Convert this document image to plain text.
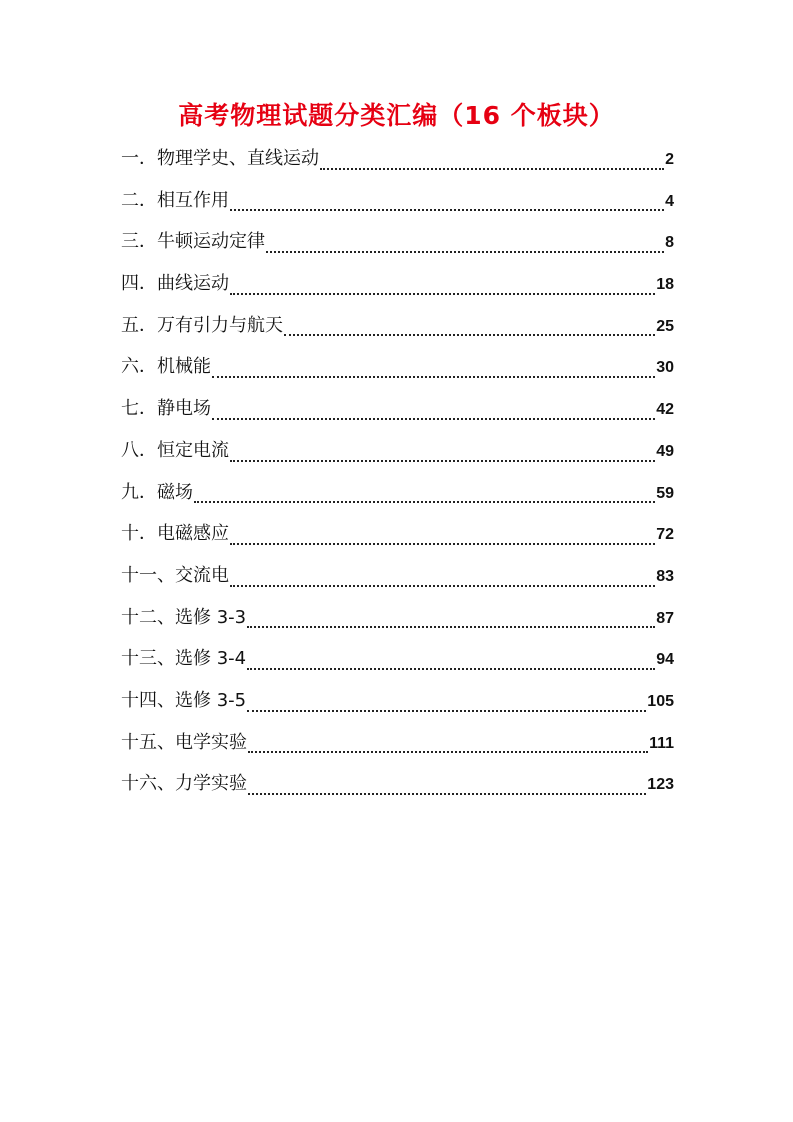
高考物理试题分类汇编（16 个板块）
一． 物理学史、直线运动	2
二． 相互作用	4
三． 牛顿运动定律	8
四． 曲线运动	18
五． 万有引力与航天	25
六． 机械能	30
七． 静电场	42
八． 恒定电流	49
九． 磁场	59
十． 电磁感应	72
十一、 交流电	83
十二、 选修 3-3	87
十三、 选修 3-4	94
十四、 选修 3-5	105
十五、 电学实验	111
十六、 力学实验	123
